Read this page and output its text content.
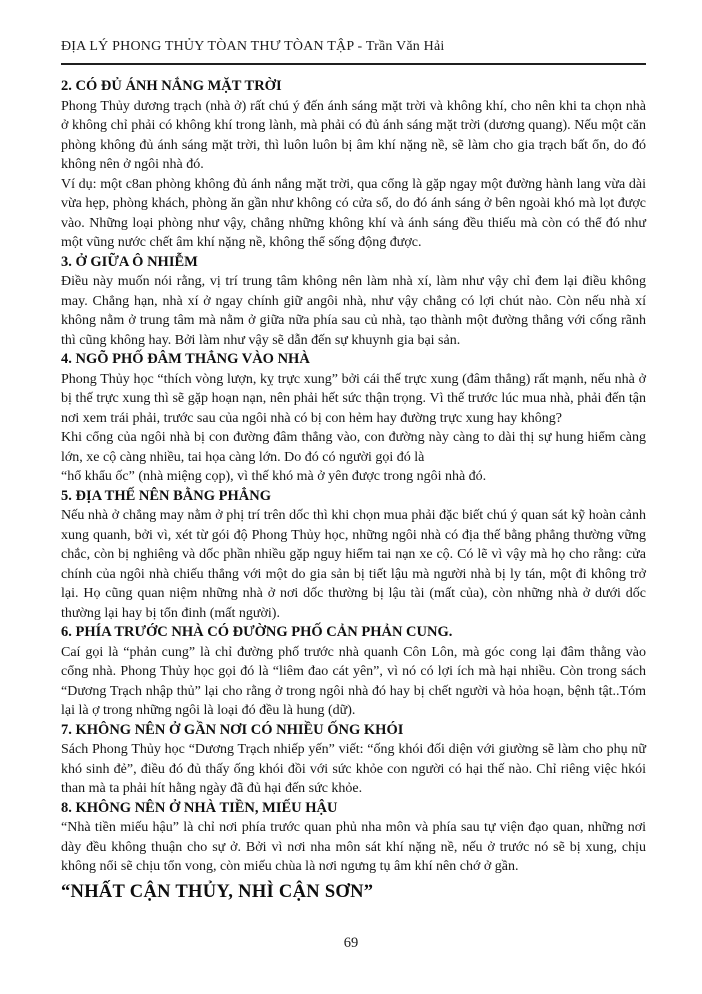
ĐỊA LÝ PHONG THỦY TÒAN THƯ TÒAN TẬP - Trần Văn Hải
2. CÓ ĐỦ ÁNH NẮNG MẶT TRỜI

Phong Thủy dương trạch (nhà ở) rất chú ý đến ánh sáng mặt trời và không khí, cho nên khi ta chọn nhà ở không chỉ phải có không khí trong lành, mà phải có đủ ánh sáng mặt trời (dương quang). Nếu một căn phòng không đủ ánh sáng mặt trời, thì luôn luôn bị âm khí nặng nề, sẽ làm cho gia trạch bất ổn, do đó không nên ở ngôi nhà đó.

Ví dụ: một c8an phòng không đủ ánh nắng mặt trời, qua cổng là gặp ngay một đường hành lang vừa dài vừa hẹp, phòng khách, phòng ăn gần như không có cửa sổ, do đó ánh sáng ở bên ngoài khó mà lọt được vào. Những loại phòng như vậy, chẳng những không khí và ánh sáng đều thiếu mà còn có thể đó như một vũng nước chết âm khí nặng nề, không thể sống động được.

3. Ở GIỮA Ô NHIỄM

Điều này muốn nói rằng, vị trí trung tâm không nên làm nhà xí, làm như vậy chỉ đem lại điều không may. Chẳng hạn, nhà xí ở ngay chính giữ angôi nhà, như vậy chẳng có lợi chút nào. Còn nếu nhà xí không nằm ở trung tâm mà nằm ở giữa nữa phía sau củ nhà, tạo thành một đường thẳng với cống rãnh thì cũng không hay. Bởi làm như vậy sẽ dẫn đến sự khuynh gia bại sản.

4. NGÕ PHỐ ĐÂM THẲNG VÀO NHÀ

Phong Thủy học “thích vòng lượn, kỵ trực xung” bởi cái thế trực xung (đâm thẳng) rất mạnh, nếu nhà ở bị thế trực xung thì sẽ gặp hoạn nạn, nên phải hết sức thận trọng. Vì thế trước lúc mua nhà, phải đến tận nơi xem trái phải, trước sau của ngôi nhà có bị con hẻm hay đường trực xung hay không?

Khi cổng của ngôi nhà bị con đường đâm thẳng vào, con đường này càng to dài thị sự hung hiểm càng lớn, xe cộ càng nhiều, tai họa càng lớn. Do đó có người gọi đó là

“hổ khẩu ốc” (nhà miệng cọp), vì thế khó mà ở yên được trong ngôi nhà đó.

5. ĐỊA THẾ NÊN BẰNG PHẲNG

Nếu nhà ở chẳng may nằm ở phị trí trên dốc thì khi chọn mua phải đặc biết chú ý quan sát kỹ hoàn cảnh xung quanh, bởi vì, xét từ gói độ Phong Thủy học, những ngôi nhà có địa thế bằng phẳng thường vững chắc, còn bị nghiêng và dốc phần nhiều gặp nguy hiểm tai nạn xe cộ. Có lẽ vì vậy mà họ cho rằng: cửa chính của ngôi nhà chiếu thẳng với một do gia sản bị tiết lậu mà người nhà bị ly tán, một đi không trở lại. Họ cũng quan niệm những nhà ở nơi dốc thường bị lậu tài (mất của), còn những nhà ở dưới dốc thường lại hay bị tổn đinh (mất người).

6. PHÍA TRƯỚC NHÀ CÓ ĐƯỜNG PHỐ CẢN PHẢN CUNG.

Caí gọi là “phản cung” là chỉ đường phố trước nhà quanh Côn Lôn, mà góc cong lại đâm thằng vào cổng nhà. Phong Thủy học gọi đó là “liêm đao cát yên”, vì nó có lợi ích mà hại nhiều. Còn trong sách “Dương Trạch nhập thủ” lại cho rằng ở trong ngôi nhà đó hay bị chết người và hỏa hoạn, bệnh tật..Tóm lại là ợ trong những ngôi là loại đó đều là hung (dữ).

7. KHÔNG NÊN Ở GẦN NƠI CÓ NHIỀU ỐNG KHÓI

Sách Phong Thủy học “Dương Trạch nhiếp yến” viết: “ống khói đối diện với giường sẽ làm cho phụ nữ khó sinh đẻ”, điều đó đủ thấy ống khói đồi với sức khỏe con người có hại thế nào. Chỉ riêng việc hkói than mà ta phải hít hằng ngày đã đủ hại đến sức khỏe.

8. KHÔNG NÊN Ở NHÀ TIỀN, MIẾU HẬU

“Nhà tiền miếu hậu” là chỉ nơi phía trước quan phủ nha môn và phía sau tự viện đạo quan, những nơi dày đều không thuận cho sự ở. Bởi vì nơi nha môn sát khí nặng nề, nếu ở trước nó sẽ bị xung, chịu không nổi sẽ chịu tổn vong, còn miếu chùa là nơi ngưng tụ âm khí nên chớ ở gần.

“NHẤT CẬN THỦY, NHÌ CẬN SƠN”
69
